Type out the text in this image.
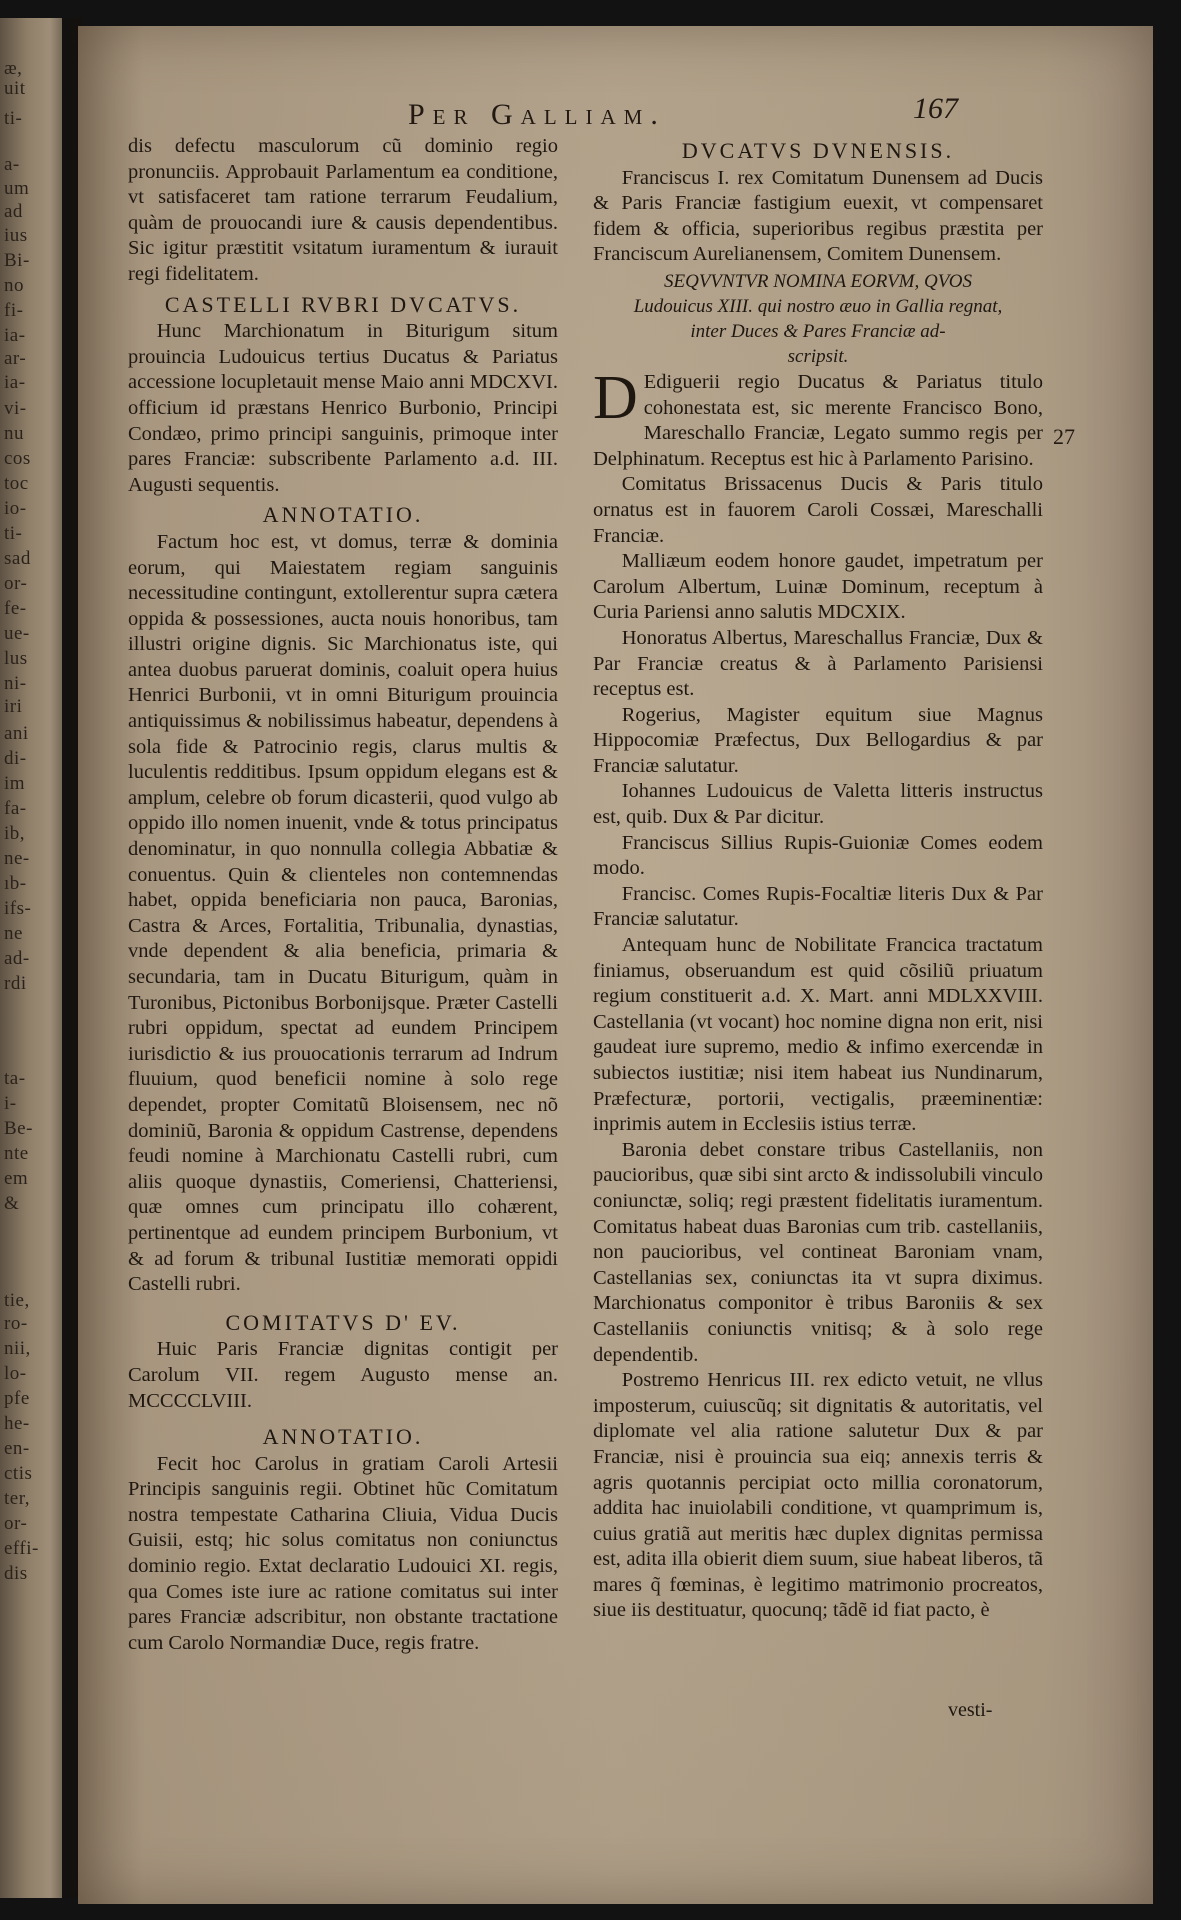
æ,
uit
ti-
a-
um
ad
ius
Bi-
no
fi-
ia-
ar-
ia-
vi-
nu
cos
toc
io-
ti-
sad
or-
fe-
ue-
lus
ni-
iri
ani
di-
im
fa-
ib,
ne-
ıb-
ifs-
ne
ad-
rdi
ta-
i-
Be-
nte
em
&
tie,
ro-
nii,
lo-
pfe
he-
en-
ctis
ter,
or-
effi-
dis
Per Galliam.	167

dis defectu masculorum cũ dominio regio pronunciis. Approbauit Parlamentum ea conditione, vt satisfaceret tam ratione terrarum Feudalium, quàm de prouocandi iure & causis dependentibus. Sic igitur præstitit vsitatum iuramentum & iurauit regi fidelitatem.

CASTELLI RVBRI DVCATVS.

Hunc Marchionatum in Biturigum situm prouincia Ludouicus tertius Ducatus & Pariatus accessione locupletauit mense Maio anni MDCXVI. officium id præstans Henrico Burbonio, Principi Condæo, primo principi sanguinis, primoque inter pares Franciæ: subscribente Parlamento a.d. III. Augusti sequentis.

ANNOTATIO.

Factum hoc est, vt domus, terræ & dominia eorum, qui Maiestatem regiam sanguinis necessitudine contingunt, extollerentur supra cætera oppida & possessiones, aucta nouis honoribus, tam illustri origine dignis. Sic Marchionatus iste, qui antea duobus paruerat dominis, coaluit opera huius Henrici Burbonii, vt in omni Biturigum prouincia antiquissimus & nobilissimus habeatur, dependens à sola fide & Patrocinio regis, clarus multis & luculentis redditibus. Ipsum oppidum elegans est & amplum, celebre ob forum dicasterii, quod vulgo ab oppido illo nomen inuenit, vnde & totus principatus denominatur, in quo nonnulla collegia Abbatiæ & conuentus. Quin & clienteles non contemnendas habet, oppida beneficiaria non pauca, Baronias, Castra & Arces, Fortalitia, Tribunalia, dynastias, vnde dependent & alia beneficia, primaria & secundaria, tam in Ducatu Biturigum, quàm in Turonibus, Pictonibus Borbonijsque. Præter Castelli rubri oppidum, spectat ad eundem Principem iurisdictio & ius prouocationis terrarum ad Indrum fluuium, quod beneficii nomine à solo rege dependet, propter Comitatũ Bloisensem, nec nõ dominiũ, Baronia & oppidum Castrense, dependens feudi nomine à Marchionatu Castelli rubri, cum aliis quoque dynastiis, Comeriensi, Chatteriensi, quæ omnes cum principatu illo cohærent, pertinentque ad eundem principem Burbonium, vt & ad forum & tribunal Iustitiæ memorati oppidi Castelli rubri.

COMITATVS D' EV.

Huic Paris Franciæ dignitas contigit per Carolum VII. regem Augusto mense an. MCCCCLVIII.

ANNOTATIO.

Fecit hoc Carolus in gratiam Caroli Artesii Principis sanguinis regii. Obtinet hũc Comitatum nostra tempestate Catharina Cliuia, Vidua Ducis Guisii, estq; hic solus comitatus non coniunctus dominio regio. Extat declaratio Ludouici XI. regis, qua Comes iste iure ac ratione comitatus sui inter pares Franciæ adscribitur, non obstante tractatione cum Carolo Normandiæ Duce, regis fratre.

DVCATVS DVNENSIS.

Franciscus I. rex Comitatum Dunensem ad Ducis & Paris Franciæ fastigium euexit, vt compensaret fidem & officia, superioribus regibus præstita per Franciscum Aurelianensem, Comitem Dunensem.

SEQVVNTVR NOMINA EORVM, QVOS
Ludouicus XIII. qui nostro æuo in Gallia regnat,
inter Duces & Pares Franciæ ad-
scripsit.

D Ediguerii regio Ducatus & Pariatus titulo cohonestata est, sic merente Francisco Bono, Mareschallo Franciæ, Legato summo regis per Delphinatum. Receptus est hic à Parlamento Parisino.

Comitatus Brissacenus Ducis & Paris titulo ornatus est in fauorem Caroli Cossæi, Mareschalli Franciæ.

Malliæum eodem honore gaudet, impetratum per Carolum Albertum, Luinæ Dominum, receptum à Curia Pariensi anno salutis MDCXIX.

Honoratus Albertus, Mareschallus Franciæ, Dux & Par Franciæ creatus & à Parlamento Parisiensi receptus est.

Rogerius, Magister equitum siue Magnus Hippocomiæ Præfectus, Dux Bellogardius & par Franciæ salutatur.

Iohannes Ludouicus de Valetta litteris instructus est, quib. Dux & Par dicitur.

Franciscus Sillius Rupis-Guioniæ Comes eodem modo.

Francisc. Comes Rupis-Focaltiæ literis Dux & Par Franciæ salutatur.

Antequam hunc de Nobilitate Francica tractatum finiamus, obseruandum est quid cõsiliũ priuatum regium constituerit a.d. X. Mart. anni MDLXXVIII. Castellania (vt vocant) hoc nomine digna non erit, nisi gaudeat iure supremo, medio & infimo exercendæ in subiectos iustitiæ; nisi item habeat ius Nundinarum, Præfecturæ, portorii, vectigalis, præeminentiæ: inprimis autem in Ecclesiis istius terræ.

Baronia debet constare tribus Castellaniis, non paucioribus, quæ sibi sint arcto & indissolubili vinculo coniunctæ, soliq; regi præstent fidelitatis iuramentum. Comitatus habeat duas Baronias cum trib. castellaniis, non paucioribus, vel contineat Baroniam vnam, Castellanias sex, coniunctas ita vt supra diximus. Marchionatus componitor è tribus Baroniis & sex Castellaniis coniunctis vnitisq; & à solo rege dependentib.

Postremo Henricus III. rex edicto vetuit, ne vllus imposterum, cuiuscũq; sit dignitatis & autoritatis, vel diplomate vel alia ratione salutetur Dux & par Franciæ, nisi è prouincia sua eiq; annexis terris & agris quotannis percipiat octo millia coronatorum, addita hac inuiolabili conditione, vt quamprimum is, cuius gratiã aut meritis hæc duplex dignitas permissa est, adita illa obierit diem suum, siue habeat liberos, tã mares q̃ fœminas, è legitimo matrimonio procreatos, siue iis destituatur, quocunq; tãdẽ id fiat pacto, è

27
vesti-
